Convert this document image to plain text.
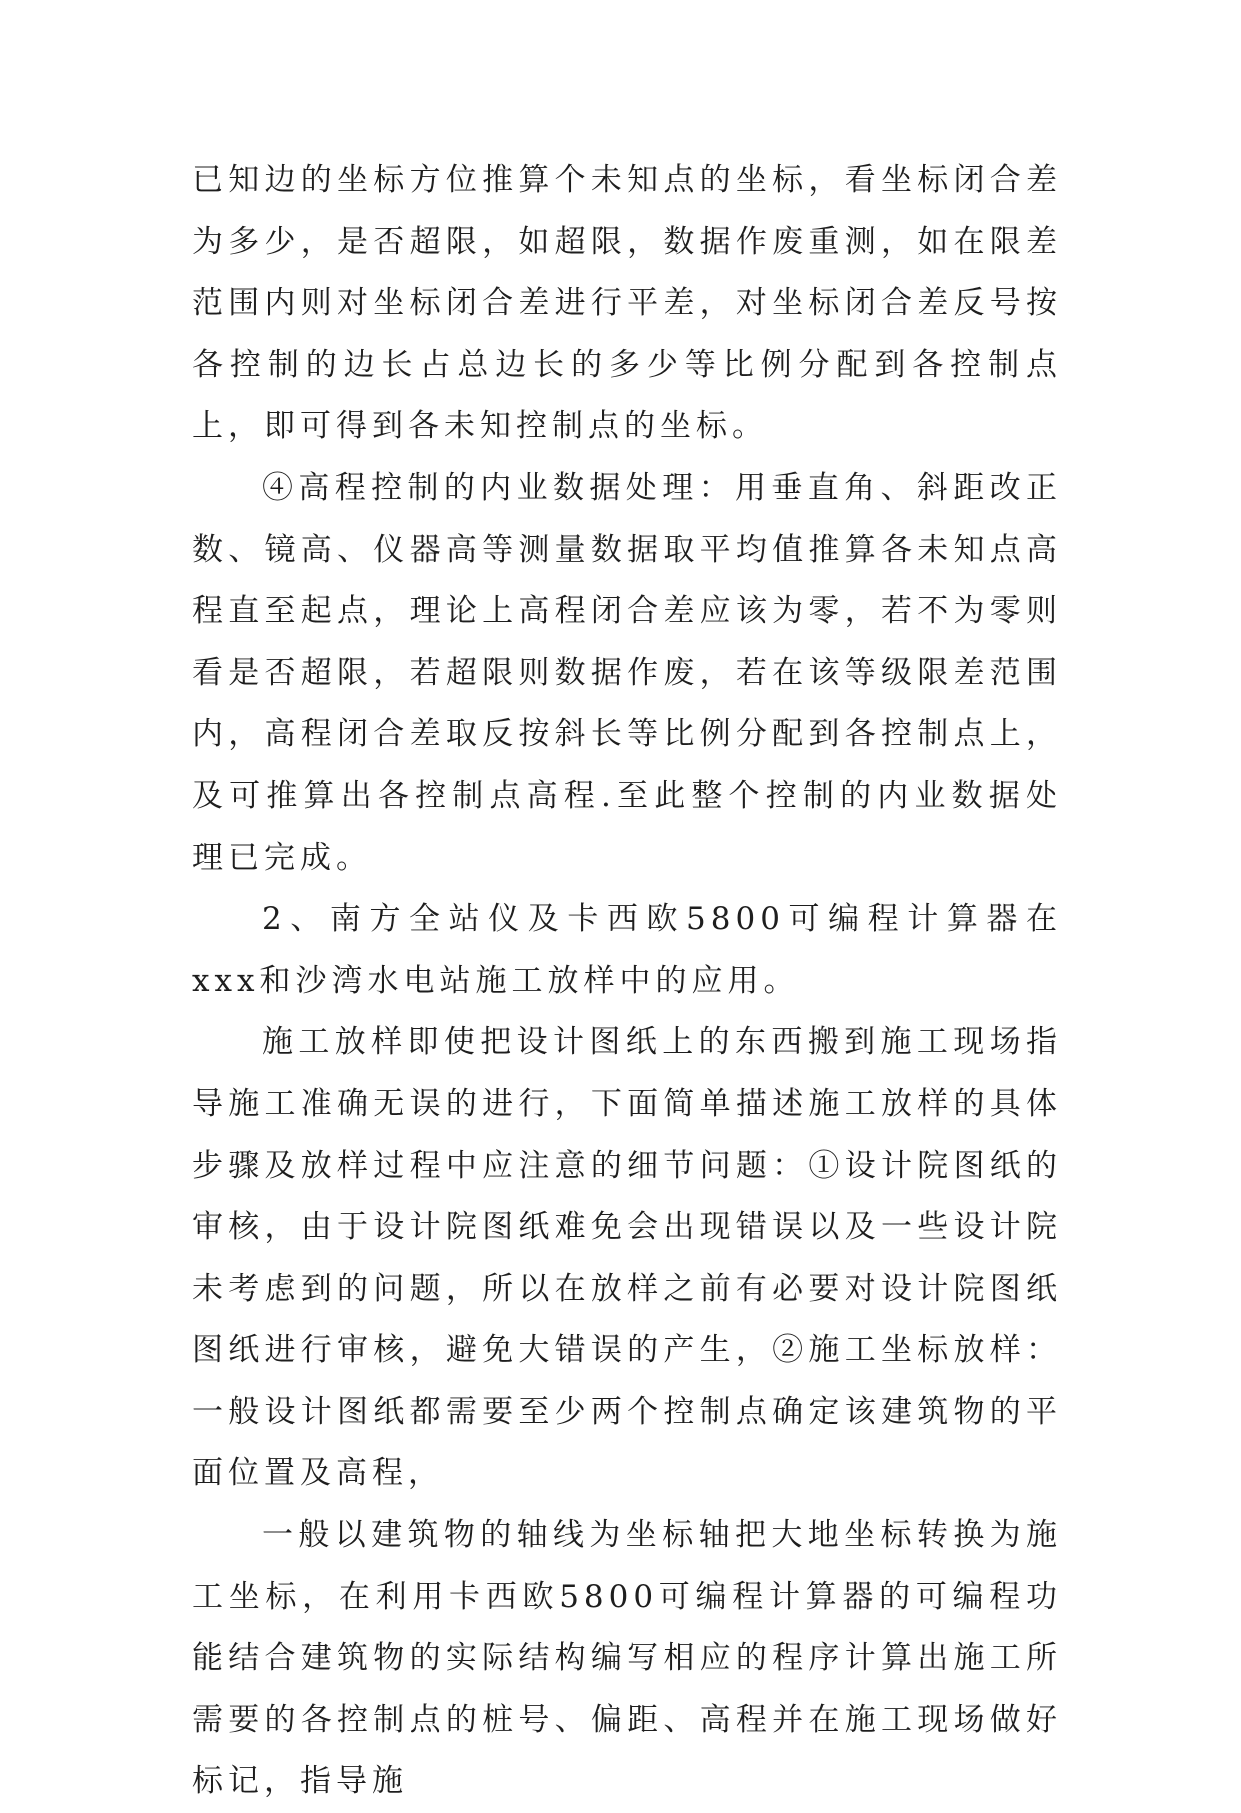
已知边的坐标方位推算个未知点的坐标，看坐标闭合差为多少，是否超限，如超限，数据作废重测，如在限差范围内则对坐标闭合差进行平差，对坐标闭合差反号按各控制的边长占总边长的多少等比例分配到各控制点上，即可得到各未知控制点的坐标。

④高程控制的内业数据处理：用垂直角、斜距改正数、镜高、仪器高等测量数据取平均值推算各未知点高程直至起点，理论上高程闭合差应该为零，若不为零则看是否超限，若超限则数据作废，若在该等级限差范围内，高程闭合差取反按斜长等比例分配到各控制点上，及可推算出各控制点高程.至此整个控制的内业数据处理已完成。

2、南方全站仪及卡西欧5800可编程计算器在xxx和沙湾水电站施工放样中的应用。

施工放样即使把设计图纸上的东西搬到施工现场指导施工准确无误的进行，下面简单描述施工放样的具体步骤及放样过程中应注意的细节问题：①设计院图纸的审核，由于设计院图纸难免会出现错误以及一些设计院未考虑到的问题，所以在放样之前有必要对设计院图纸图纸进行审核，避免大错误的产生，②施工坐标放样：一般设计图纸都需要至少两个控制点确定该建筑物的平面位置及高程，

一般以建筑物的轴线为坐标轴把大地坐标转换为施工坐标，在利用卡西欧5800可编程计算器的可编程功能结合建筑物的实际结构编写相应的程序计算出施工所需要的各控制点的桩号、偏距、高程并在施工现场做好标记，指导施
